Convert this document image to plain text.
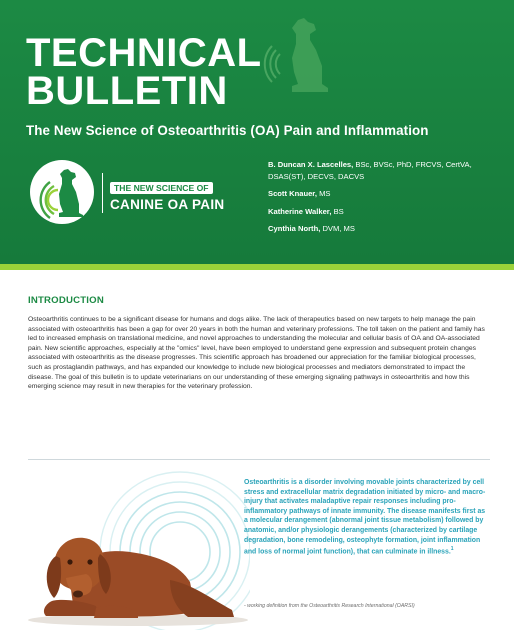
TECHNICAL
BULLETIN
The New Science of Osteoarthritis (OA) Pain and Inflammation
THE NEW SCIENCE OF
CANINE OA PAIN
B. Duncan X. Lascelles, BSc, BVSc, PhD, FRCVS, CertVA, DSAS(ST), DECVS, DACVS
Scott Knauer, MS
Katherine Walker, BS
Cynthia North, DVM, MS
INTRODUCTION
Osteoarthritis continues to be a significant disease for humans and dogs alike. The lack of therapeutics based on new targets to help manage the pain associated with osteoarthritis has been a gap for over 20 years in both the human and veterinary professions. The toll taken on the patient and family has led to increased emphasis on translational medicine, and novel approaches to understanding the molecular and cellular basis of OA and OA-associated pain. New scientific approaches, especially at the "omics" level, have been employed to understand gene expression and subsequent protein changes associated with osteoarthritis as the disease progresses. This scientific approach has broadened our appreciation for the familiar biological processes, such as prostaglandin pathways, and has expanded our knowledge to include new biological processes and mediators demonstrated to impact the disease. The goal of this bulletin is to update veterinarians on our understanding of these emerging signaling pathways in osteoarthritis and how this emerging science may result in new therapies for the veterinary profession.
Osteoarthritis is a disorder involving movable joints characterized by cell stress and extracellular matrix degradation initiated by micro- and macro-injury that activates maladaptive repair responses including pro-inflammatory pathways of innate immunity. The disease manifests first as a molecular derangement (abnormal joint tissue metabolism) followed by anatomic, and/or physiologic derangements (characterized by cartilage degradation, bone remodeling, osteophyte formation, joint inflammation and loss of normal joint function), that can culminate in illness.$^1$
- working definition from the Osteoarthritis Research International (OARSI)
